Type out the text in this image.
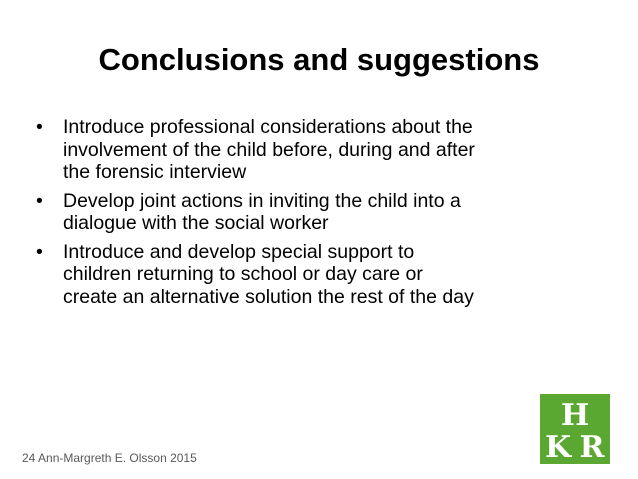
Conclusions and suggestions
• Introduce professional considerations about the
involvement of the child before, during and after
the forensic interview
• Develop joint actions in inviting the child into a
dialogue with the social worker
• Introduce and develop special support to
children returning to school or day care or
create an alternative solution the rest of the day
24 Ann-Margreth E. Olsson 2015
H
K R
